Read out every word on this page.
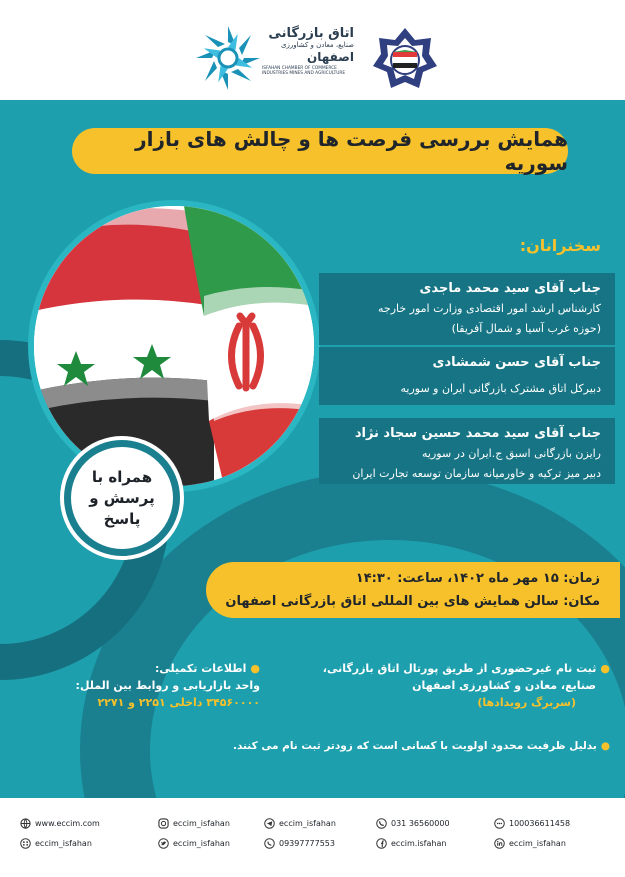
اتاق بازرگانی
صنایع، معادن و کشاورزی
اصفهان
ISFAHAN CHAMBER OF COMMERCE INDUSTRIES MINES AND AGRICULTURE
همایش بررسی فرصت ها و چالش های بازار سوریه
همراه با
پرسش و
پاسخ
سخنرانان:
جناب آقای سید محمد ماجدی
کارشناس ارشد امور اقتصادی وزارت امور خارجه
(حوزه غرب آسیا و شمال آفریقا)
جناب آقای حسن شمشادی
دبیرکل اتاق مشترک بازرگانی ایران و سوریه
جناب آقای سید محمد حسین سجاد نژاد
رایزن بازرگانی اسبق ج.ایران در سوریه
دبیر میز ترکیه و خاورمیانه سازمان توسعه تجارت ایران
زمان: ۱۵ مهر ماه ۱۴۰۲، ساعت: ۱۴:۳۰
مکان: سالن همایش های بین المللی اتاق بازرگانی اصفهان
●ثبت نام غیرحضوری از طریق پورتال اتاق بازرگانی،
صنایع، معادن و کشاورزی اصفهان
(سربرگ رویدادها)
●اطلاعات تکمیلی:
واحد بازاریابی و روابط بین الملل:
۳۴۵۶۰۰۰۰ داخلی ۲۲۵۱ و ۲۲۷۱
●بدلیل ظرفیت محدود اولویت با کسانی است که زودتر ثبت نام می کنند.
www.eccim.com	eccim_isfahan	eccim_isfahan	031 36560000	100036611458
eccim_isfahan	eccim_isfahan	09397777553	eccim.isfahan	eccim_isfahan
